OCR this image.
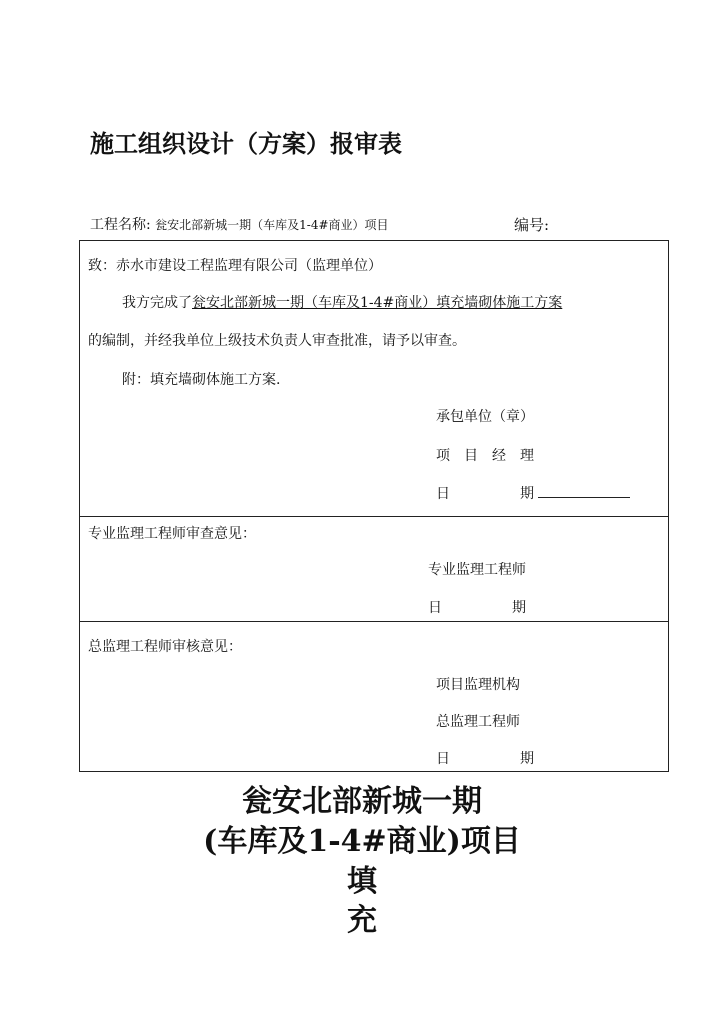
施工组织设计（方案）报审表
工程名称: 瓮安北部新城一期（车库及1-4#商业）项目	编号:
致：赤水市建设工程监理有限公司（监理单位）
我方完成了瓮安北部新城一期（车库及1-4#商业）填充墙砌体施工方案
的编制，并经我单位上级技术负责人审查批准，请予以审查。
附：填充墙砌体施工方案.
承包单位（章）
项　目　经　理
日　　　　　期
专业监理工程师审查意见：
专业监理工程师
日　　　　　期
总监理工程师审核意见：
项目监理机构
总监理工程师
日　　　　　期
瓮安北部新城一期
(车库及1-4#商业)项目
填
充
